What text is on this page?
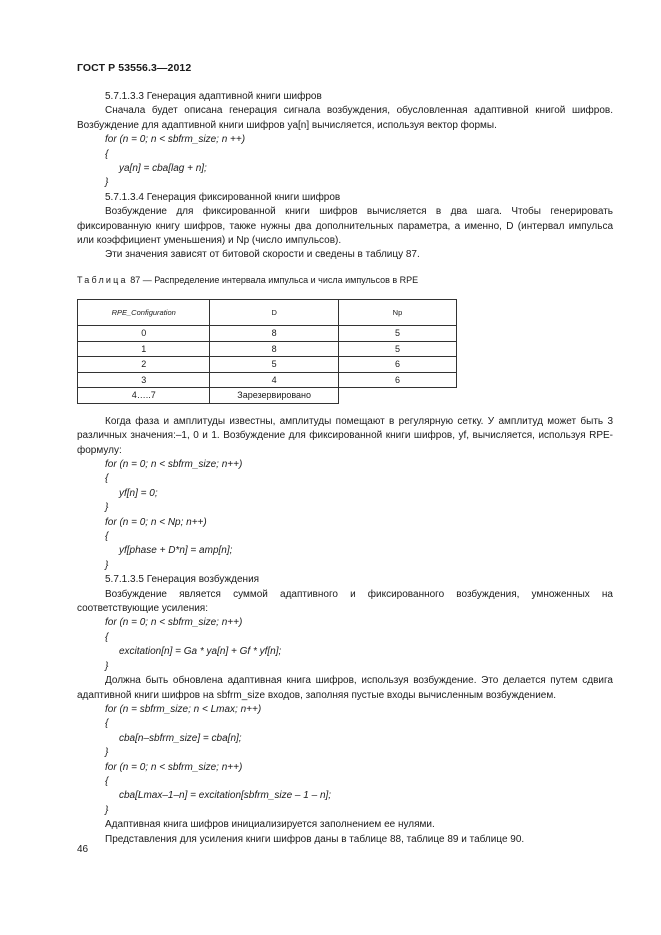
ГОСТ Р 53556.3—2012

5.7.1.3.3 Генерация адаптивной книги шифров

Сначала будет описана генерация сигнала возбуждения, обусловленная адаптивной книгой шифров. Возбуждение для адаптивной книги шифров ya[n] вычисляется, используя вектор формы.

for (n = 0; n < sbfrm_size; n ++)

{

ya[n] = cba[lag + n];

}

5.7.1.3.4 Генерация фиксированной книги шифров

Возбуждение для фиксированной книги шифров вычисляется в два шага. Чтобы генерировать фиксированную книгу шифров, также нужны два дополнительных параметра, а именно, D (интервал импульса или коэффициент уменьшения) и Np (число импульсов).

Эти значения зависят от битовой скорости и сведены в таблицу 87.

Таблица 87 — Распределение интервала импульса и числа импульсов в RPE

RPE_Configuration	D	Np
0	8	5
1	8	5
2	5	6
3	4	6
4…..7	Зарезервировано	

Когда фаза и амплитуды известны, амплитуды помещают в регулярную сетку. У амплитуд может быть 3 различных значения:–1, 0 и 1. Возбуждение для фиксированной книги шифров, yf, вычисляется, используя RPE-формулу:

for (n = 0; n < sbfrm_size; n++)

{

yf[n] = 0;

}

for (n = 0; n < Np; n++)

{

yf[phase + D*n] = amp[n];

}

5.7.1.3.5 Генерация возбуждения

Возбуждение является суммой адаптивного и фиксированного возбуждения, умноженных на соответствующие усиления:

for (n = 0; n < sbfrm_size; n++)

{

excitation[n] = Ga * ya[n] + Gf * yf[n];

}

Должна быть обновлена адаптивная книга шифров, используя возбуждение. Это делается путем сдвига адаптивной книги шифров на sbfrm_size входов, заполняя пустые входы вычисленным возбуждением.

for (n = sbfrm_size; n < Lmax; n++)

{

cba[n–sbfrm_size] = cba[n];

}

for (n = 0; n < sbfrm_size; n++)

{

cba[Lmax–1–n] = excitation[sbfrm_size – 1 – n];

}

Адаптивная книга шифров инициализируется заполнением ее нулями.

Представления для усиления книги шифров даны в таблице 88, таблице 89 и таблице 90.

46
